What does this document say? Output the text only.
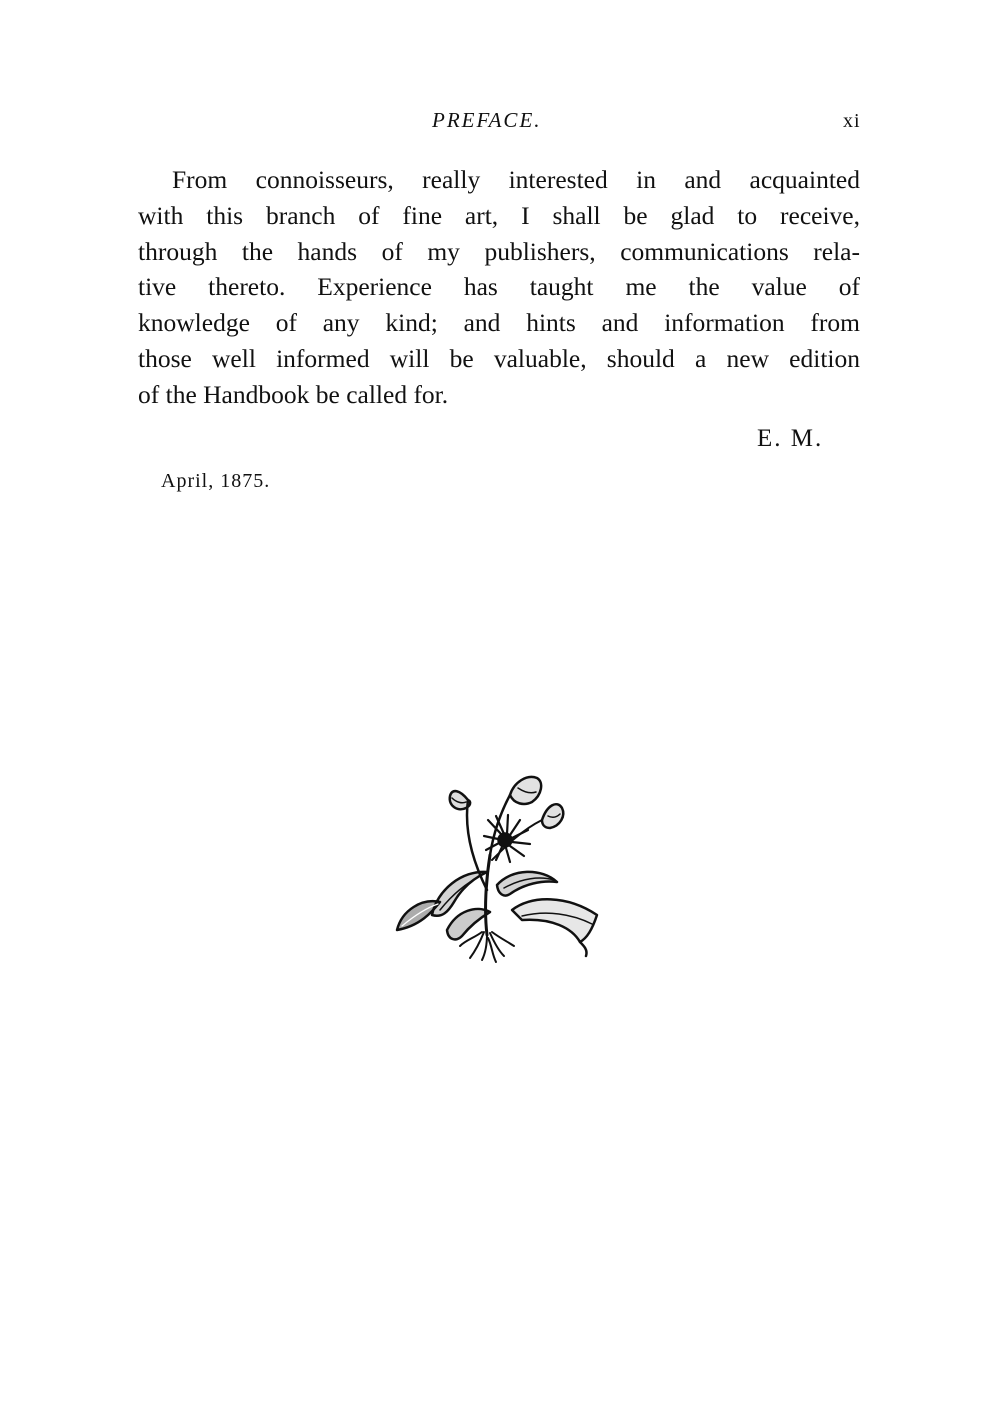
PREFACE.	xi
From connoisseurs, really interested in and acquainted
with this branch of fine art, I shall be glad to receive,
through the hands of my publishers, communications rela-
tive thereto. Experience has taught me the value of
knowledge of any kind; and hints and information from
those well informed will be valuable, should a new edition
of the Handbook be called for.
E. M.
April, 1875.
